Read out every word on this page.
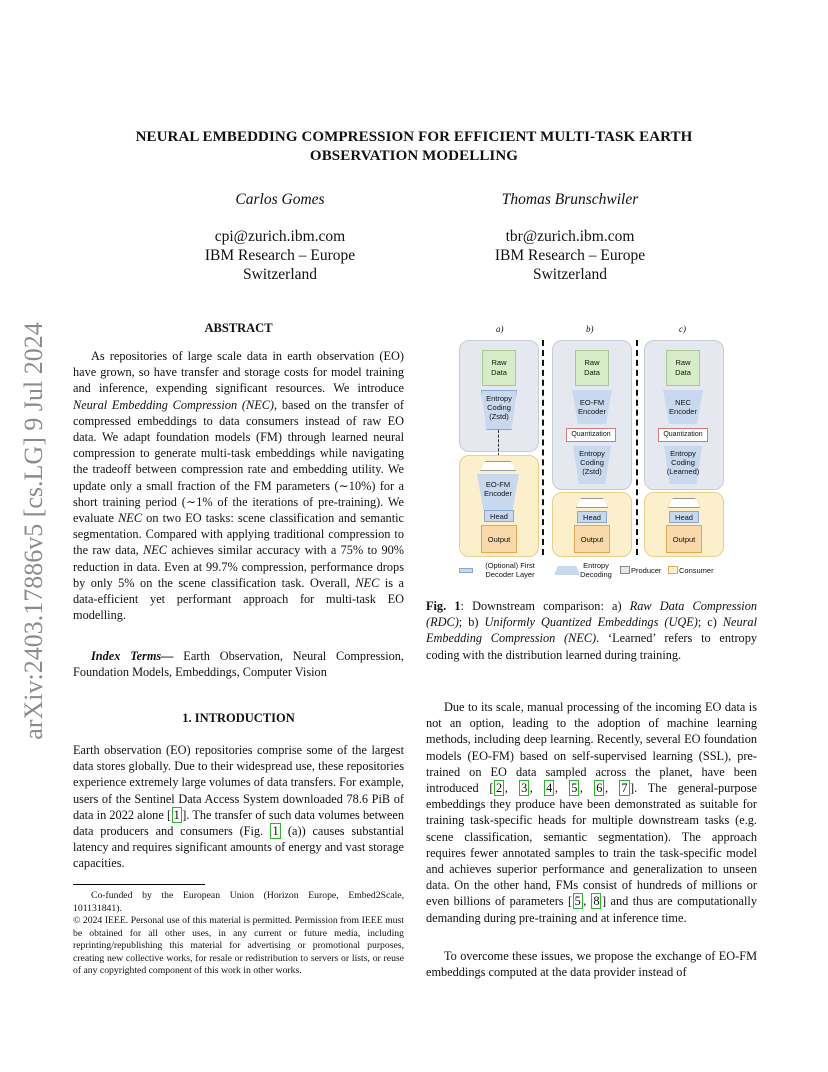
arXiv:2403.17886v5 [cs.LG] 9 Jul 2024
NEURAL EMBEDDING COMPRESSION FOR EFFICIENT MULTI-TASK EARTH OBSERVATION MODELLING
Carlos Gomes
cpi@zurich.ibm.com
IBM Research – Europe
Switzerland
Thomas Brunschwiler
tbr@zurich.ibm.com
IBM Research – Europe
Switzerland
ABSTRACT
As repositories of large scale data in earth observation (EO) have grown, so have transfer and storage costs for model training and inference, expending significant resources. We introduce Neural Embedding Compression (NEC), based on the transfer of compressed embeddings to data consumers instead of raw EO data. We adapt foundation models (FM) through learned neural compression to generate multi-task embeddings while navigating the tradeoff between compression rate and embedding utility. We update only a small fraction of the FM parameters (∼10%) for a short training period (∼1% of the iterations of pre-training). We evaluate NEC on two EO tasks: scene classification and semantic segmentation. Compared with applying traditional compression to the raw data, NEC achieves similar accuracy with a 75% to 90% reduction in data. Even at 99.7% compression, performance drops by only 5% on the scene classification task. Overall, NEC is a data-efficient yet performant approach for multi-task EO modelling.
Index Terms— Earth Observation, Neural Compression, Foundation Models, Embeddings, Computer Vision
1. INTRODUCTION
Earth observation (EO) repositories comprise some of the largest data stores globally. Due to their widespread use, these repositories experience extremely large volumes of data transfers. For example, users of the Sentinel Data Access System downloaded 78.6 PiB of data in 2022 alone [ 1 ]. The transfer of such data volumes between data producers and consumers (Fig. 1 (a)) causes substantial latency and requires significant amounts of energy and vast storage capacities.
Co-funded by the European Union (Horizon Europe, Embed2Scale, 101131841).
© 2024 IEEE. Personal use of this material is permitted. Permission from IEEE must be obtained for all other uses, in any current or future media, including reprinting/republishing this material for advertising or promotional purposes, creating new collective works, for resale or redistribution to servers or lists, or reuse of any copyrighted component of this work in other works.
a)	b)	c)
Raw Data
Entropy Coding (Zstd)
EO-FM Encoder
Head
Output
Raw Data
EO-FM Encoder
Quantization
Entropy Coding (Zstd)
Head
Output
Raw Data
NEC Encoder
Quantization
Entropy Coding (Learned)
Head
Output
(Optional) First Decoder Layer
Entropy Decoding	Producer	Consumer
Fig. 1: Downstream comparison: a) Raw Data Compression (RDC); b) Uniformly Quantized Embeddings (UQE); c) Neural Embedding Compression (NEC). ‘Learned’ refers to entropy coding with the distribution learned during training.
Due to its scale, manual processing of the incoming EO data is not an option, leading to the adoption of machine learning methods, including deep learning. Recently, several EO foundation models (EO-FM) based on self-supervised learning (SSL), pre-trained on EO data sampled across the planet, have been introduced [ 2 , 3 , 4 , 5 , 6 , 7 ]. The general-purpose embeddings they produce have been demonstrated as suitable for training task-specific heads for multiple downstream tasks (e.g. scene classification, semantic segmentation). The approach requires fewer annotated samples to train the task-specific model and achieves superior performance and generalization to unseen data. On the other hand, FMs consist of hundreds of millions or even billions of parameters [ 5 , 8 ] and thus are computationally demanding during pre-training and at inference time.
To overcome these issues, we propose the exchange of EO-FM embeddings computed at the data provider instead of
